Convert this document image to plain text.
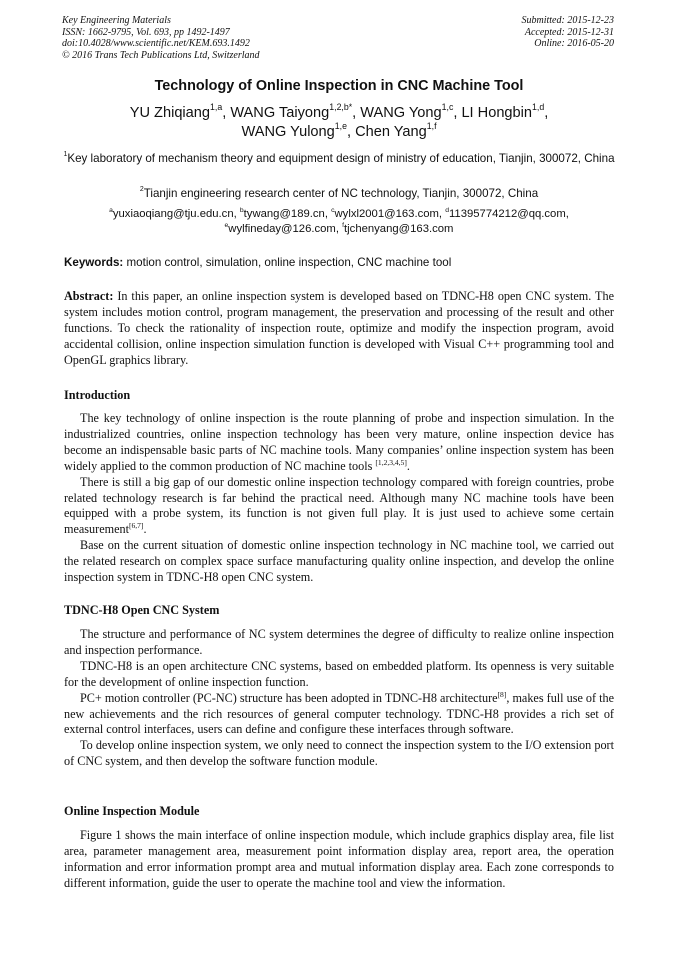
Key Engineering Materials
ISSN: 1662-9795, Vol. 693, pp 1492-1497
doi:10.4028/www.scientific.net/KEM.693.1492
© 2016 Trans Tech Publications Ltd, Switzerland
Submitted: 2015-12-23
Accepted: 2015-12-31
Online: 2016-05-20
Technology of Online Inspection in CNC Machine Tool
YU Zhiqiang$^{1,a}$, WANG Taiyong$^{1,2,b*}$, WANG Yong$^{1,c}$, LI Hongbin$^{1,d}$,
WANG Yulong$^{1,e}$, Chen Yang$^{1,f}$
$^1$Key laboratory of mechanism theory and equipment design of ministry of education, Tianjin, 300072, China
$^2$Tianjin engineering research center of NC technology, Tianjin, 300072, China
$^a$yuxiaoqiang@tju.edu.cn, $^b$tywang@189.cn, $^c$wylxl2001@163.com, $^d$11395774212@qq.com,
$^e$wylfineday@126.com, $^f$tjchenyang@163.com
Keywords: motion control, simulation, online inspection, CNC machine tool
Abstract: In this paper, an online inspection system is developed based on TDNC-H8 open CNC system. The system includes motion control, program management, the preservation and processing of the result and other functions. To check the rationality of inspection route, optimize and modify the inspection program, avoid accidental collision, online inspection simulation function is developed with Visual C++ programming tool and OpenGL graphics library.
Introduction

The key technology of online inspection is the route planning of probe and inspection simulation. In the industrialized countries, online inspection technology has been very mature, online inspection device has become an indispensable basic parts of NC machine tools. Many companies’ online inspection system has been widely applied to the common production of NC machine tools [1,2,3,4,5].

There is still a big gap of our domestic online inspection technology compared with foreign countries, probe related technology research is far behind the practical need. Although many NC machine tools have been equipped with a probe system, its function is not given full play. It is just used to achieve some certain measurement[6,7].

Base on the current situation of domestic online inspection technology in NC machine tool, we carried out the related research on complex space surface manufacturing quality online inspection, and develop the online inspection system in TDNC-H8 open CNC system.

TDNC-H8 Open CNC System

The structure and performance of NC system determines the degree of difficulty to realize online inspection and inspection performance.

TDNC-H8 is an open architecture CNC systems, based on embedded platform. Its openness is very suitable for the development of online inspection function.

PC+ motion controller (PC-NC) structure has been adopted in TDNC-H8 architecture[8], makes full use of the new achievements and the rich resources of general computer technology. TDNC-H8 provides a rich set of external control interfaces, users can define and configure these interfaces through software.

To develop online inspection system, we only need to connect the inspection system to the I/O extension port of CNC system, and then develop the software function module.

Online Inspection Module

Figure 1 shows the main interface of online inspection module, which include graphics display area, file list area, parameter management area, measurement point information display area, report area, the operation information and error information prompt area and mutual information display area. Each zone corresponds to different information, guide the user to operate the machine tool and view the information.
